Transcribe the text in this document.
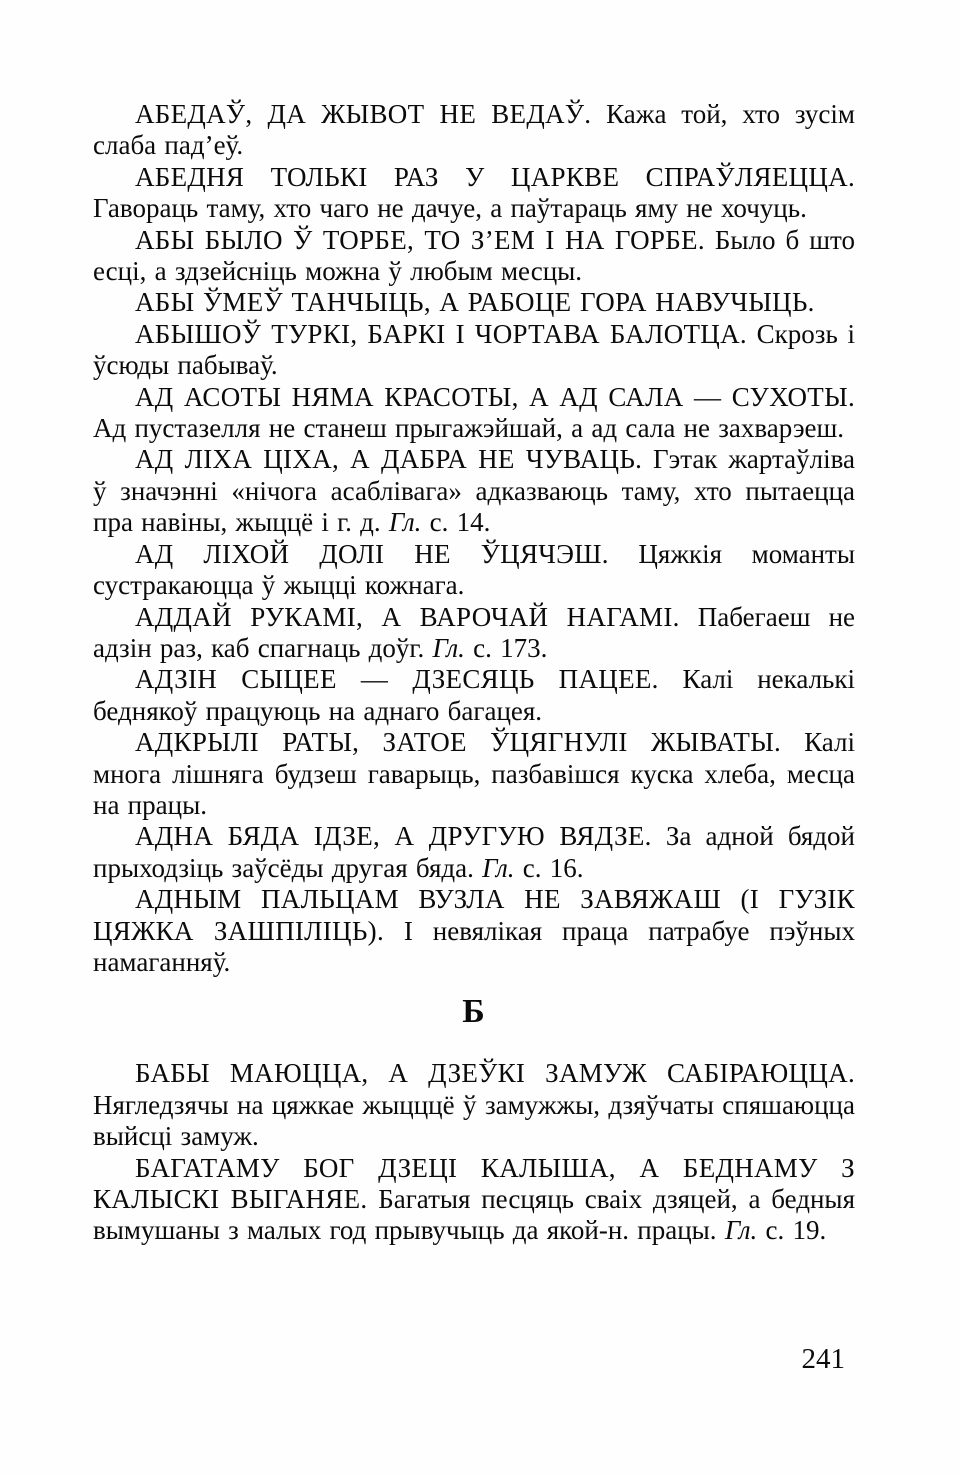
АБЕДАЎ, ДА ЖЫВОТ НЕ ВЕДАЎ. Кажа той, хто зусім слаба пад’еў.

АБЕДНЯ ТОЛЬКІ РАЗ У ЦАРКВЕ СПРАЎЛЯЕЦЦА. Гавораць таму, хто чаго не дачуе, а паўтараць яму не хочуць.

АБЫ БЫЛО Ў ТОРБЕ, ТО З’ЕМ І НА ГОРБЕ. Было б што есці, а здзейсніць можна ў любым месцы.

АБЫ ЎМЕЎ ТАНЧЫЦЬ, А РАБОЦЕ ГОРА НАВУЧЫЦЬ.

АБЫШОЎ ТУРКІ, БАРКІ І ЧОРТАВА БАЛОТЦА. Скрозь і ўсюды пабываў.

АД АСОТЫ НЯМА КРАСОТЫ, А АД САЛА — СУХОТЫ. Ад пустазелля не станеш прыгажэйшай, а ад сала не захварэеш.

АД ЛІХА ЦІХА, А ДАБРА НЕ ЧУВАЦЬ. Гэтак жартаўліва ў значэнні «нічога асаблівага» адказваюць таму, хто пытаецца пра навіны, жыццё і г. д. Гл. с. 14.

АД ЛІХОЙ ДОЛІ НЕ ЎЦЯЧЭШ. Цяжкія моманты сустракаюцца ў жыцці кожнага.

АДДАЙ РУКАМІ, А ВАРОЧАЙ НАГАМІ. Пабегаеш не адзін раз, каб спагнаць доўг. Гл. с. 173.

АДЗІН СЫЦЕЕ — ДЗЕСЯЦЬ ПАЦЕЕ. Калі некалькі беднякоў працуюць на аднаго багацея.

АДКРЫЛІ РАТЫ, ЗАТОЕ ЎЦЯГНУЛІ ЖЫВАТЫ. Калі многа лішняга будзеш гаварыць, пазбавішся куска хлеба, месца на працы.

АДНА БЯДА ІДЗЕ, А ДРУГУЮ ВЯДЗЕ. За адной бядой прыходзіць заўсёды другая бяда. Гл. с. 16.

АДНЫМ ПАЛЬЦАМ ВУЗЛА НЕ ЗАВЯЖАШ (І ГУЗІК ЦЯЖКА ЗАШПІЛІЦЬ). І невялікая праца патрабуе пэўных намаганняў.

Б

БАБЫ МАЮЦЦА, А ДЗЕЎКІ ЗАМУЖ САБІРАЮЦЦА. Нягледзячы на цяжкае жыцццё ў замужжы, дзяўчаты спяшаюцца выйсці замуж.

БАГАТАМУ БОГ ДЗЕЦІ КАЛЫША, А БЕДНАМУ З КАЛЫСКІ ВЫГАНЯЕ. Багатыя песцяць сваіх дзяцей, а бедныя вымушаны з малых год прывучыць да якой-н. працы. Гл. с. 19.

241
